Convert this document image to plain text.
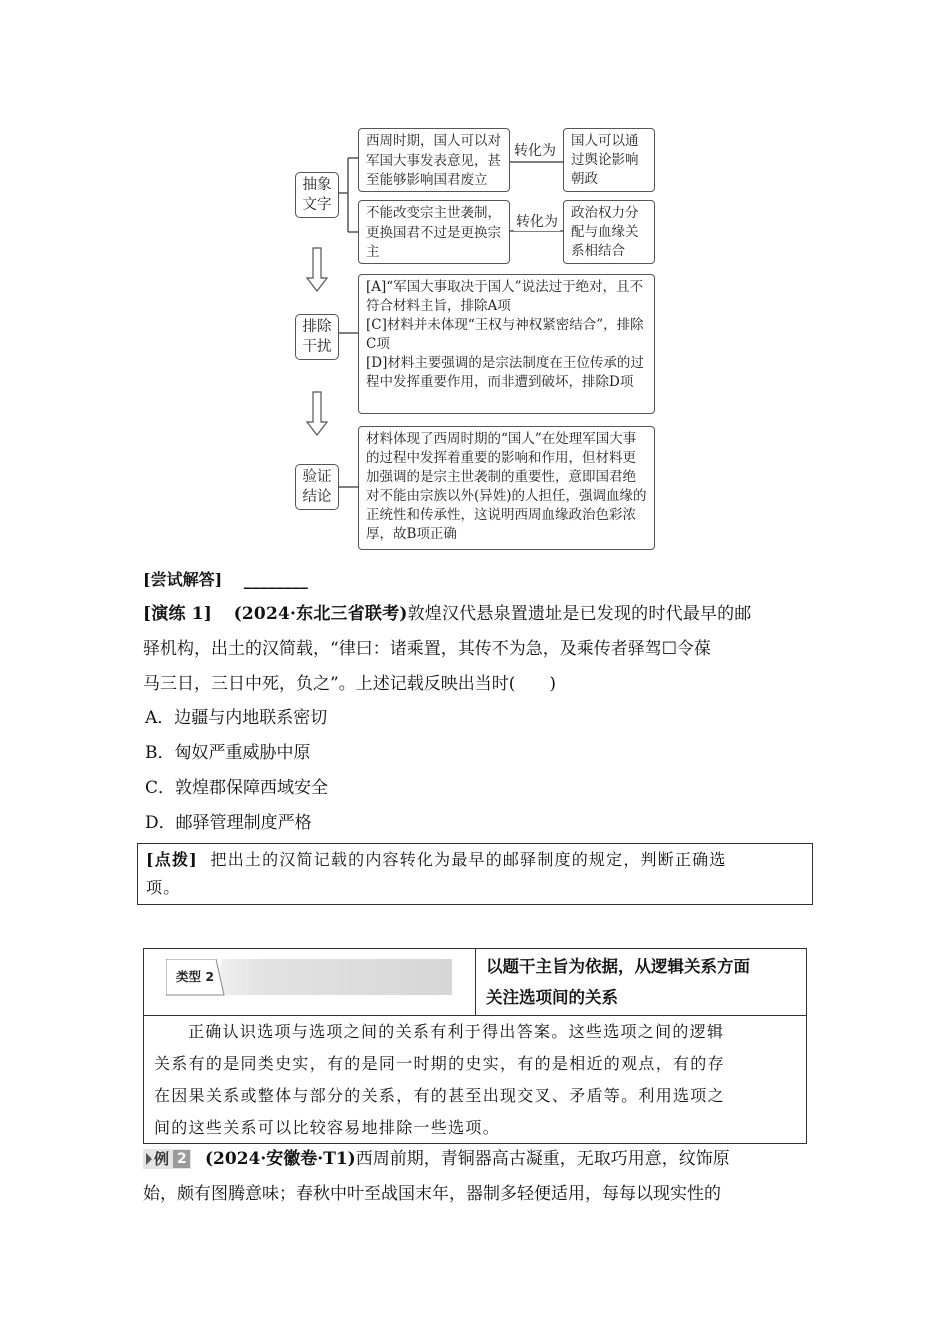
抽象文字
排除干扰
验证结论
西周时期，国人可以对军国大事发表意见，甚至能够影响国君废立
转化为
国人可以通过舆论影响朝政
不能改变宗主世袭制，更换国君不过是更换宗主
转化为
政治权力分配与血缘关系相结合
[A]“军国大事取决于国人”说法过于绝对，且不符合材料主旨，排除A项
[C]材料并未体现“王权与神权紧密结合”，排除C项
[D]材料主要强调的是宗法制度在王位传承的过程中发挥重要作用，而非遭到破坏，排除D项
材料体现了西周时期的“国人”在处理军国大事的过程中发挥着重要的影响和作用，但材料更加强调的是宗主世袭制的重要性，意即国君绝对不能由宗族以外(异姓)的人担任，强调血缘的正统性和传承性，这说明西周血缘政治色彩浓厚，故B项正确
[尝试解答] ________
[演练 1] (2024·东北三省联考)敦煌汉代悬泉置遗址是已发现的时代最早的邮
驿机构，出土的汉简载，“律曰：诸乘置，其传不为急，及乘传者驿驾☐令葆
马三日，三日中死，负之”。上述记载反映出当时(　　)
A．边疆与内地联系密切
B．匈奴严重威胁中原
C．敦煌郡保障西域安全
D．邮驿管理制度严格
[点拨] 把出土的汉简记载的内容转化为最早的邮驿制度的规定，判断正确选
项。
类型 2
以题干主旨为依据，从逻辑关系方面
关注选项间的关系
正确认识选项与选项之间的关系有利于得出答案。这些选项之间的逻辑
关系有的是同类史实，有的是同一时期的史实，有的是相近的观点，有的存
在因果关系或整体与部分的关系，有的甚至出现交叉、矛盾等。利用选项之
间的这些关系可以比较容易地排除一些选项。
例 2 (2024·安徽卷·T1)西周前期，青铜器高古凝重，无取巧用意，纹饰原
始，颇有图腾意味；春秋中叶至战国末年，器制多轻便适用，每每以现实性的
